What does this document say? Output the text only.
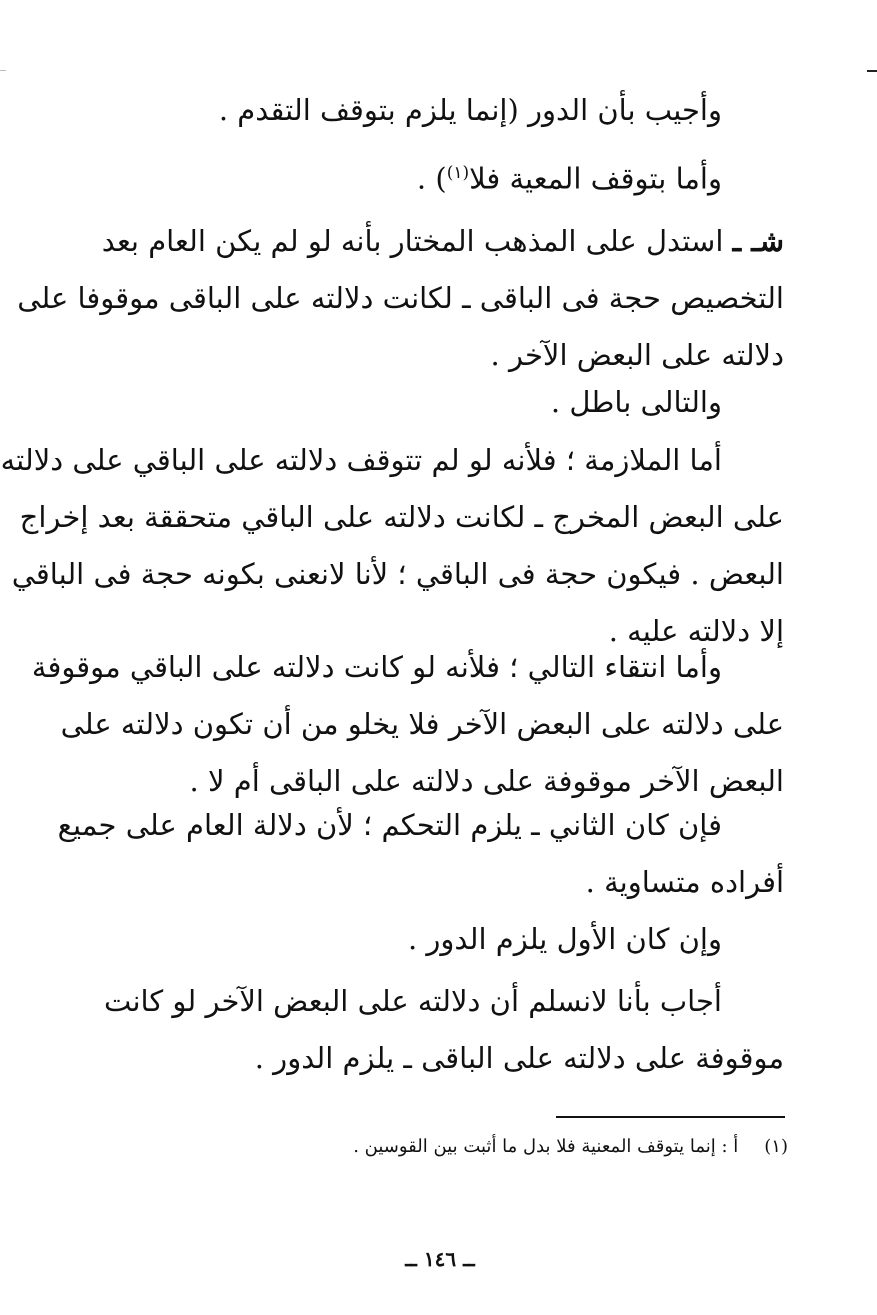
وأجيب بأن الدور (إنما يلزم بتوقف التقدم .
وأما بتوقف المعية فلا$^{(١)}$) .
شـ ـ استدل على المذهب المختار بأنه لو لم يكن العام بعد
التخصيص حجة فى الباقى ـ لكانت دلالته على الباقى موقوفا على
دلالته على البعض الآخر .
والتالى باطل .
أما الملازمة ؛ فلأنه لو لم تتوقف دلالته على الباقي على دلالته
على البعض المخرج ـ لكانت دلالته على الباقي متحققة بعد إخراج
البعض . فيكون حجة فى الباقي ؛ لأنا لانعنى بكونه حجة فى الباقي
إلا دلالته عليه .
وأما انتقاء التالي ؛ فلأنه لو كانت دلالته على الباقي موقوفة
على دلالته على البعض الآخر فلا يخلو من أن تكون دلالته على
البعض الآخر موقوفة على دلالته على الباقى أم لا .
فإن كان الثاني ـ يلزم التحكم ؛ لأن دلالة العام على جميع
أفراده متساوية .
وإن كان الأول يلزم الدور .
أجاب بأنا لانسلم أن دلالته على البعض الآخر لو كانت
موقوفة على دلالته على الباقى ـ يلزم الدور .
(١)أ : إنما يتوقف المعنية فلا بدل ما أثبت بين القوسين .
ــ ١٤٦ ــ
